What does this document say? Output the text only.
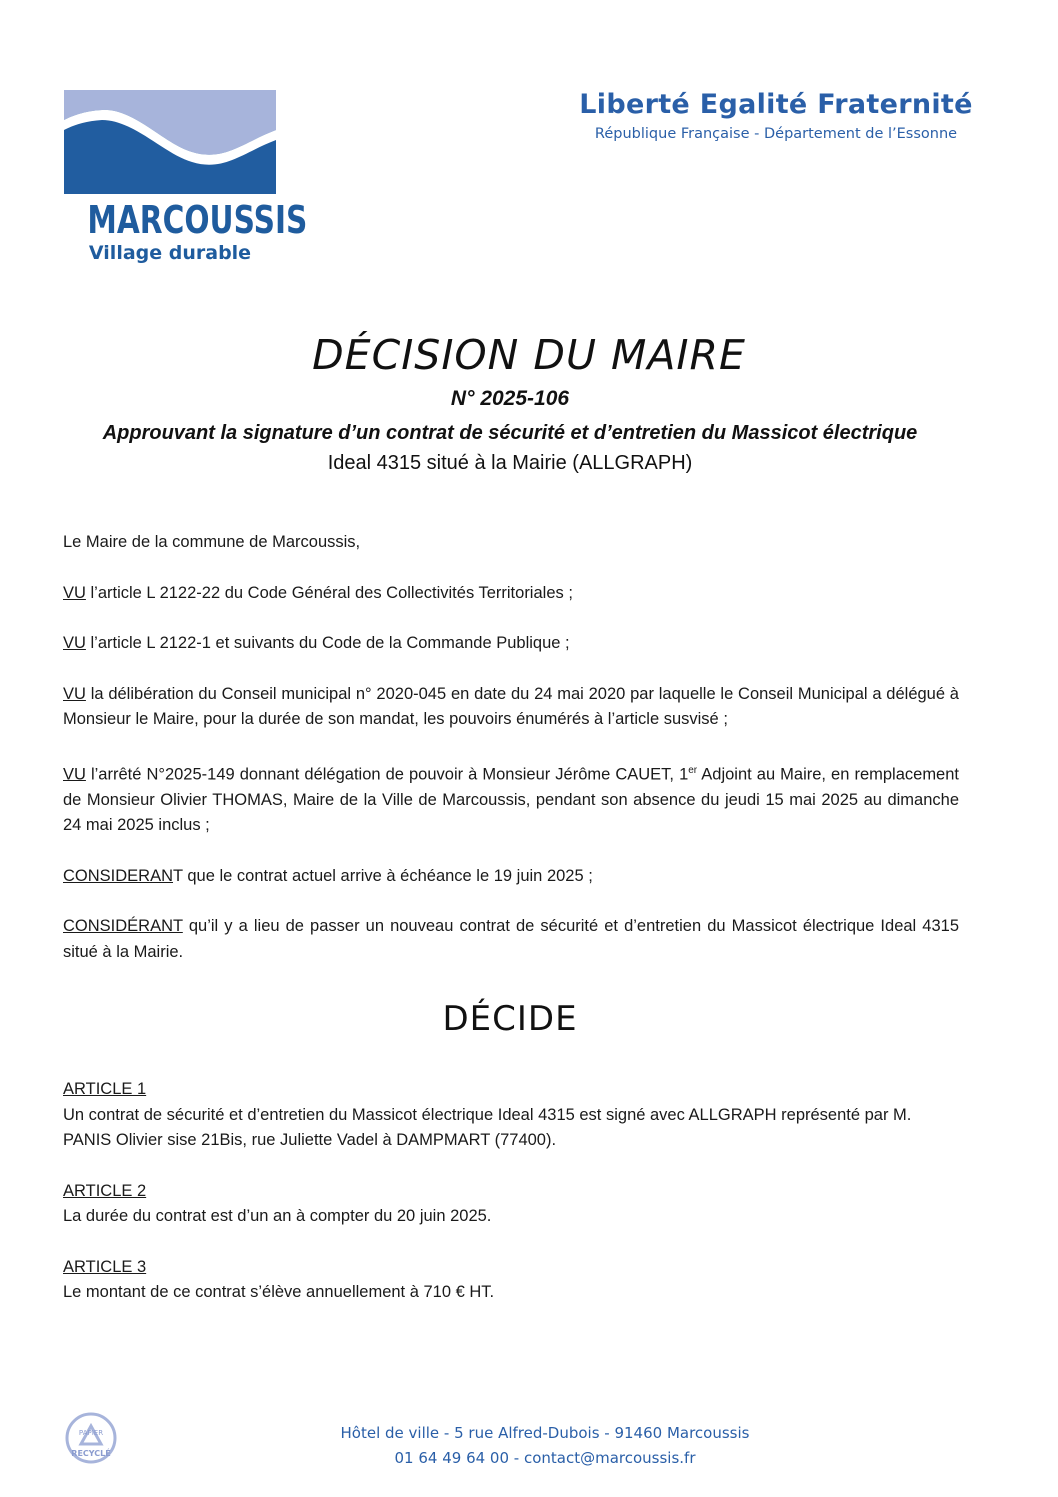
MARCOUSSIS
Village durable
Liberté Egalité Fraternité
République Française - Département de l’Essonne
DÉCISION DU MAIRE
N° 2025-106
Approuvant la signature d’un contrat de sécurité et d’entretien du Massicot électrique
Ideal 4315 situé à la Mairie (ALLGRAPH)

Le Maire de la commune de Marcoussis,

VU l’article L 2122-22 du Code Général des Collectivités Territoriales ;

VU l’article L 2122-1 et suivants du Code de la Commande Publique ;

VU la délibération du Conseil municipal n° 2020-045 en date du 24 mai 2020 par laquelle le Conseil Municipal a délégué à Monsieur le Maire, pour la durée de son mandat, les pouvoirs énumérés à l’article susvisé ;

VU l’arrêté N°2025-149 donnant délégation de pouvoir à Monsieur Jérôme CAUET, 1er Adjoint au Maire, en remplacement de Monsieur Olivier THOMAS, Maire de la Ville de Marcoussis, pendant son absence du jeudi 15 mai 2025 au dimanche 24 mai 2025 inclus ;

CONSIDERANT que le contrat actuel arrive à échéance le 19 juin 2025 ;

CONSIDÉRANT qu’il y a lieu de passer un nouveau contrat de sécurité et d’entretien du Massicot électrique Ideal 4315 situé à la Mairie.

DÉCIDE
ARTICLE 1
Un contrat de sécurité et d’entretien du Massicot électrique Ideal 4315 est signé avec ALLGRAPH représenté par M. PANIS Olivier sise 21Bis, rue Juliette Vadel à DAMPMART (77400).
ARTICLE 2
La durée du contrat est d’un an à compter du 20 juin 2025.
ARTICLE 3
Le montant de ce contrat s’élève annuellement à 710 € HT.
PAPIER
RECYCLÉ
Hôtel de ville - 5 rue Alfred-Dubois - 91460 Marcoussis
01 64 49 64 00 - contact@marcoussis.fr
